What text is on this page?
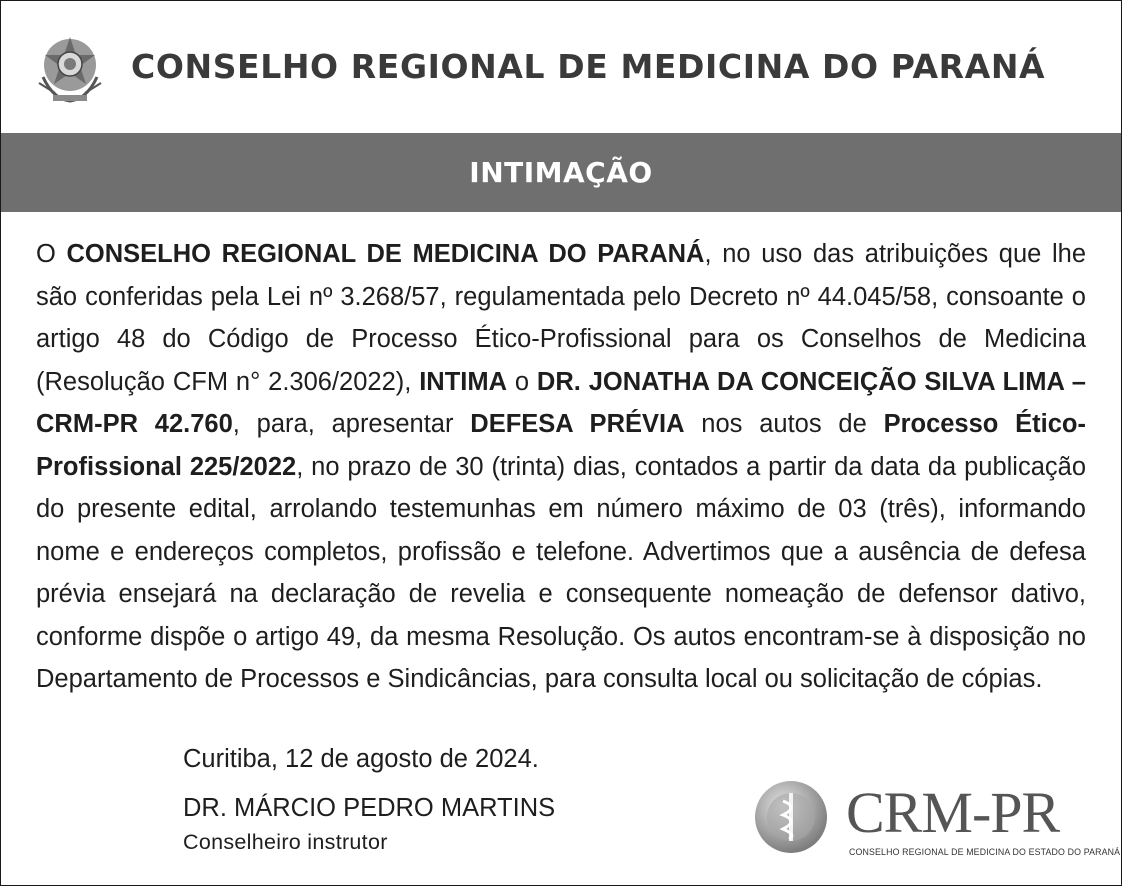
CONSELHO REGIONAL DE MEDICINA DO PARANÁ
INTIMAÇÃO
O CONSELHO REGIONAL DE MEDICINA DO PARANÁ, no uso das atribuições que lhe são conferidas pela Lei nº 3.268/57, regulamentada pelo Decreto nº 44.045/58, consoante o artigo 48 do Código de Processo Ético-Profissional para os Conselhos de Medicina (Resolução CFM n° 2.306/2022), INTIMA o DR. JONATHA DA CONCEIÇÃO SILVA LIMA – CRM-PR 42.760, para, apresentar DEFESA PRÉVIA nos autos de Processo Ético-Profissional 225/2022, no prazo de 30 (trinta) dias, contados a partir da data da publicação do presente edital, arrolando testemunhas em número máximo de 03 (três), informando nome e endereços completos, profissão e telefone. Advertimos que a ausência de defesa prévia ensejará na declaração de revelia e consequente nomeação de defensor dativo, conforme dispõe o artigo 49, da mesma Resolução. Os autos encontram-se à disposição no Departamento de Processos e Sindicâncias, para consulta local ou solicitação de cópias.
Curitiba, 12 de agosto de 2024.
DR. MÁRCIO PEDRO MARTINS
Conselheiro instrutor	CRM-PR
CONSELHO REGIONAL DE MEDICINA DO ESTADO DO PARANÁ
